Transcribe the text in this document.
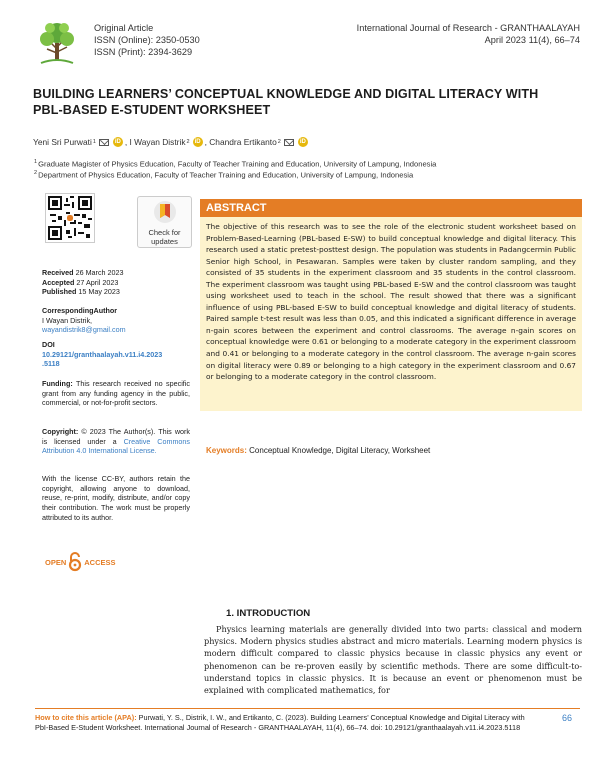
Original Article
ISSN (Online): 2350-0530
ISSN (Print): 2394-3629
International Journal of Research - GRANTHAALAYAH
April 2023 11(4), 66–74
BUILDING LEARNERS’ CONCEPTUAL KNOWLEDGE AND DIGITAL LITERACY WITH
PBL-BASED E-STUDENT WORKSHEET
Yeni Sri Purwati 1	iD , I Wayan Distrik 2 iD , Chandra Ertikanto 2	iD
$^1$Graduate Magister of Physics Education, Faculty of Teacher Training and Education, University of Lampung, Indonesia
$^2$Department of Physics Education, Faculty of Teacher Training and Education, University of Lampung, Indonesia
Check for
updates
ABSTRACT
The objective of this research was to see the role of the electronic student worksheet based on Problem-Based-Learning (PBL-based E-SW) to build conceptual knowledge and digital literacy. This research used a static pretest-posttest design. The population was students in Padangcermin Public Senior high School, in Pesawaran. Samples were taken by cluster random sampling, and they consisted of 35 students in the experiment classroom and 35 students in the control classroom. The experiment classroom was taught using PBL-based E-SW and the control classroom was taught using worksheet used to teach in the school. The result showed that there was a significant influence of using PBL-based E-SW to build conceptual knowledge and digital literacy of students. Paired sample t-test result was less than 0.05, and this indicated a significant difference in average n-gain scores between the experiment and control classrooms. The average n-gain scores on conceptual knowledge were 0.61 or belonging to a moderate category in the experiment classroom and 0.41 or belonging to a moderate category in the control classroom. The average n-gain scores on digital literacy were 0.89 or belonging to a high category in the experiment classroom and 0.67 or belonging to a moderate category in the control classroom.
Keywords: Conceptual Knowledge, Digital Literacy, Worksheet
Received 26 March 2023
Accepted 27 April 2023
Published 15 May 2023
CorrespondingAuthor
I Wayan Distrik,
wayandistrik8@gmail.com
DOI
10.29121/granthaalayah.v11.i4.2023
.5118
Funding: This research received no specific grant from any funding agency in the public, commercial, or not-for-profit sectors.
Copyright: © 2023 The Author(s). This work is licensed under a Creative Commons Attribution 4.0 International License.
With the license CC-BY, authors retain the copyright, allowing anyone to download, reuse, re-print, modify, distribute, and/or copy their contribution. The work must be properly attributed to its author.
OPEN ACCESS
1. INTRODUCTION
Physics learning materials are generally divided into two parts: classical and modern physics. Modern physics studies abstract and micro materials. Learning modern physics is modern difficult compared to classic physics because in classic physics any event or phenomenon can be re-proven easily by scientific methods. There are some difficult-to-understand topics in classic physics. It is because an event or phenomenon must be explained with complicated mathematics, for
How to cite this article (APA): Purwati, Y. S., Distrik, I. W., and Ertikanto, C. (2023). Building Learners’ Conceptual Knowledge and Digital Literacy with PbI-Based E-Student Worksheet. International Journal of Research - GRANTHAALAYAH, 11(4), 66–74. doi: 10.29121/granthaalayah.v11.i4.2023.5118
66
